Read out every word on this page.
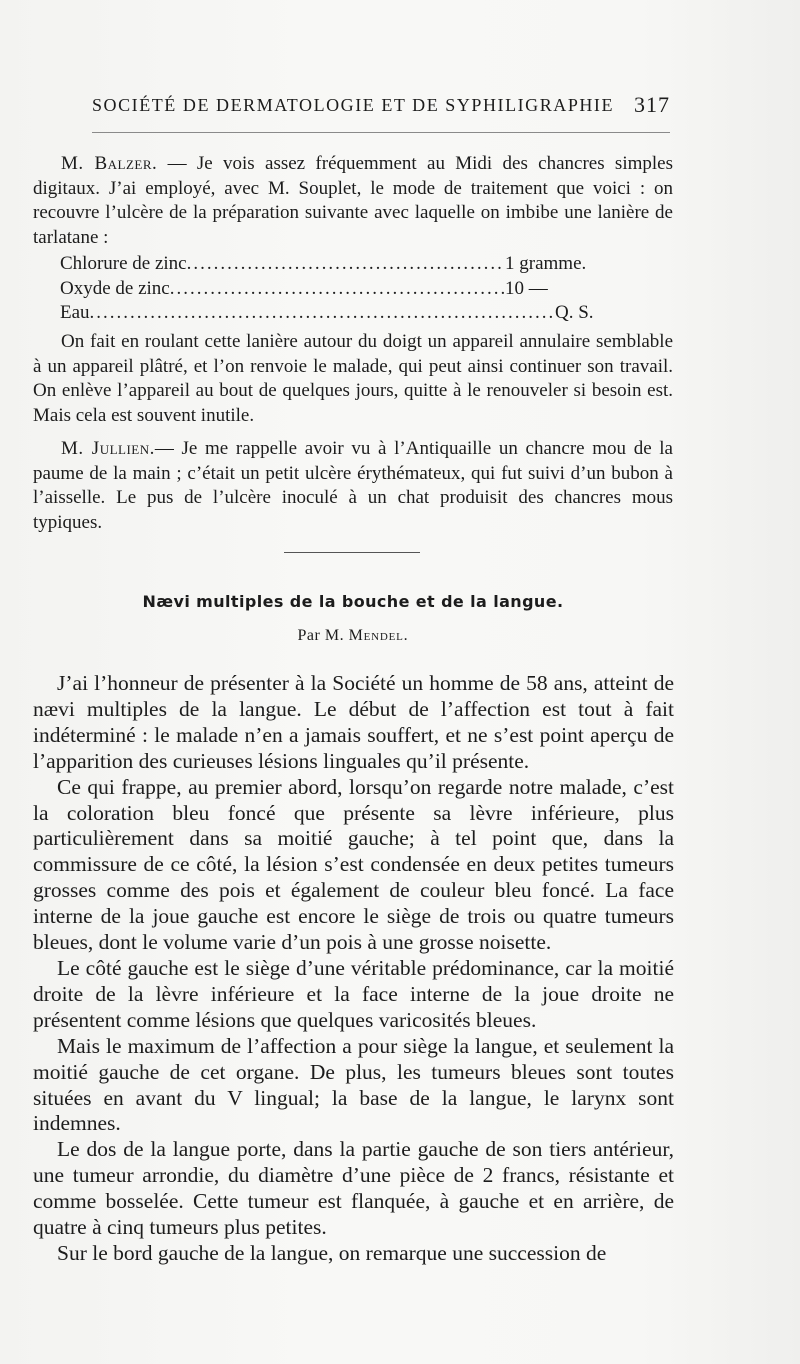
SOCIÉTÉ DE DERMATOLOGIE ET DE SYPHILIGRAPHIE 317

M. Balzer. — Je vois assez fréquemment au Midi des chancres simples digitaux. J’ai employé, avec M. Souplet, le mode de traitement que voici : on recouvre l’ulcère de la préparation suivante avec laquelle on imbibe une lanière de tarlatane :

Chlorure de zinc .....	1 gramme.
Oxyde de zinc .....	10 —
Eau .....	Q. S.

On fait en roulant cette lanière autour du doigt un appareil annulaire semblable à un appareil plâtré, et l’on renvoie le malade, qui peut ainsi continuer son travail. On enlève l’appareil au bout de quelques jours, quitte à le renouveler si besoin est. Mais cela est souvent inutile.

M. Jullien.— Je me rappelle avoir vu à l’Antiquaille un chancre mou de la paume de la main ; c’était un petit ulcère érythémateux, qui fut suivi d’un bubon à l’aisselle. Le pus de l’ulcère inoculé à un chat produisit des chancres mous typiques.

Nævi multiples de la bouche et de la langue.
Par M. Mendel.

J’ai l’honneur de présenter à la Société un homme de 58 ans, atteint de nævi multiples de la langue. Le début de l’affection est tout à fait indéterminé : le malade n’en a jamais souffert, et ne s’est point aperçu de l’apparition des curieuses lésions linguales qu’il présente.

Ce qui frappe, au premier abord, lorsqu’on regarde notre malade, c’est la coloration bleu foncé que présente sa lèvre inférieure, plus particulièrement dans sa moitié gauche; à tel point que, dans la commissure de ce côté, la lésion s’est condensée en deux petites tumeurs grosses comme des pois et également de couleur bleu foncé. La face interne de la joue gauche est encore le siège de trois ou quatre tumeurs bleues, dont le volume varie d’un pois à une grosse noisette.

Le côté gauche est le siège d’une véritable prédominance, car la moitié droite de la lèvre inférieure et la face interne de la joue droite ne présentent comme lésions que quelques varicosités bleues.

Mais le maximum de l’affection a pour siège la langue, et seulement la moitié gauche de cet organe. De plus, les tumeurs bleues sont toutes situées en avant du V lingual; la base de la langue, le larynx sont indemnes.

Le dos de la langue porte, dans la partie gauche de son tiers antérieur, une tumeur arrondie, du diamètre d’une pièce de 2 francs, résistante et comme bosselée. Cette tumeur est flanquée, à gauche et en arrière, de quatre à cinq tumeurs plus petites.

Sur le bord gauche de la langue, on remarque une succession de
